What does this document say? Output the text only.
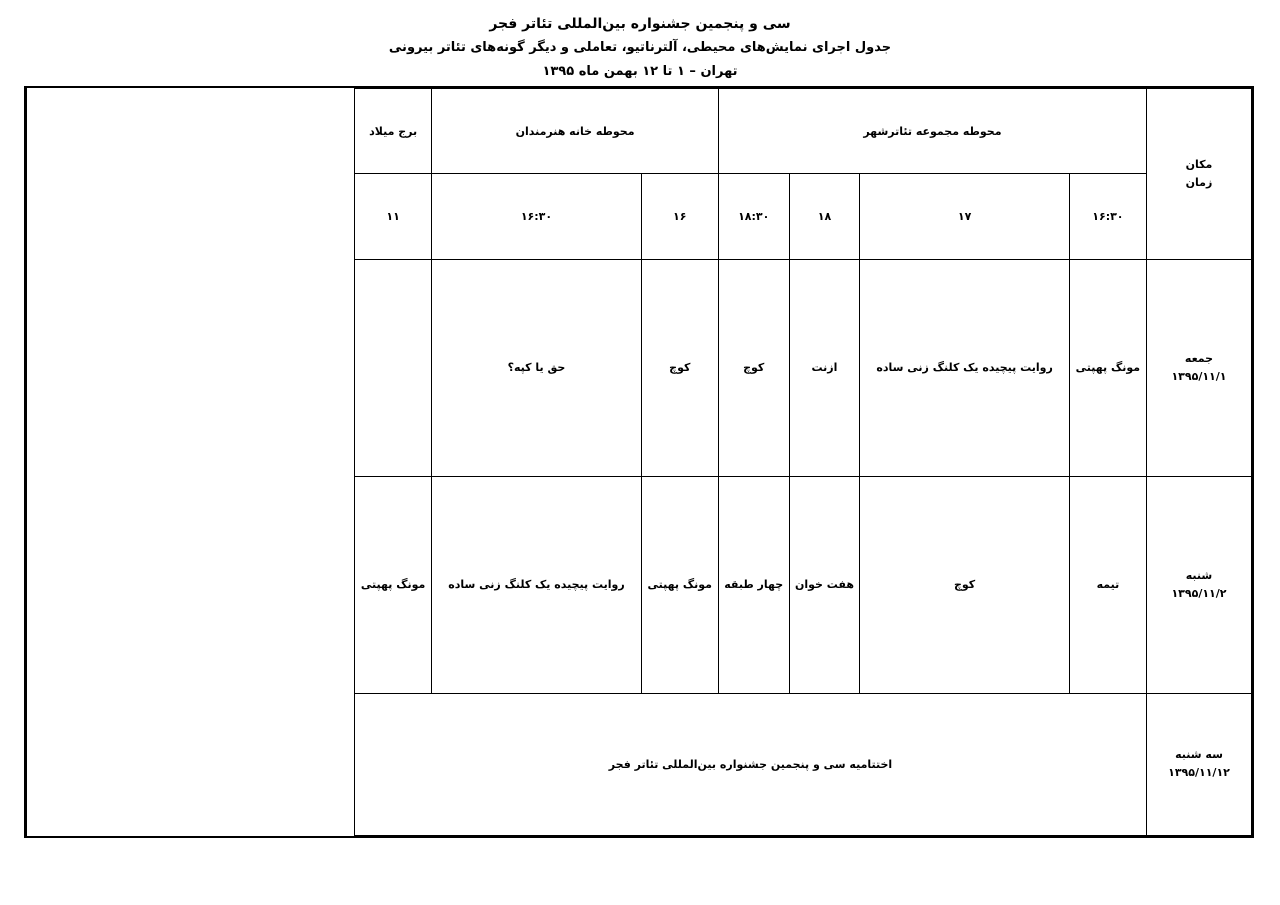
سی و پنجمین جشنواره بین‌المللی تئاتر فجر
جدول اجرای نمایش‌های محیطی، آلترناتیو، تعاملی و دیگر گونه‌های تئاتر بیرونی
تهران – ۱ تا ۱۲ بهمن ماه ۱۳۹۵
مکان
زمان	محوطه مجموعه تئاتر‌شهر				محوطه خانه هنرمندان		برج میلاد
	۱۶:۳۰	۱۷	۱۸	۱۸:۳۰	۱۶	۱۶:۳۰	۱۱

جمعه
۱۳۹۵/۱۱/۱	مونگ پهپتی	روایت پیچیده یک کلنگ زنی ساده	ازنت	کوچ	کوچ	حق یا کپه؟	

شنبه
۱۳۹۵/۱۱/۲	تیمه	کوچ	هفت خوان	چهار طبقه	مونگ پهپتی	روایت پیچیده یک کلنگ زنی ساده	مونگ پهپتی

سه شنبه
۱۳۹۵/۱۱/۱۲	اختتامیه سی و پنجمین جشنواره بین‌المللی تئاتر فجر						
